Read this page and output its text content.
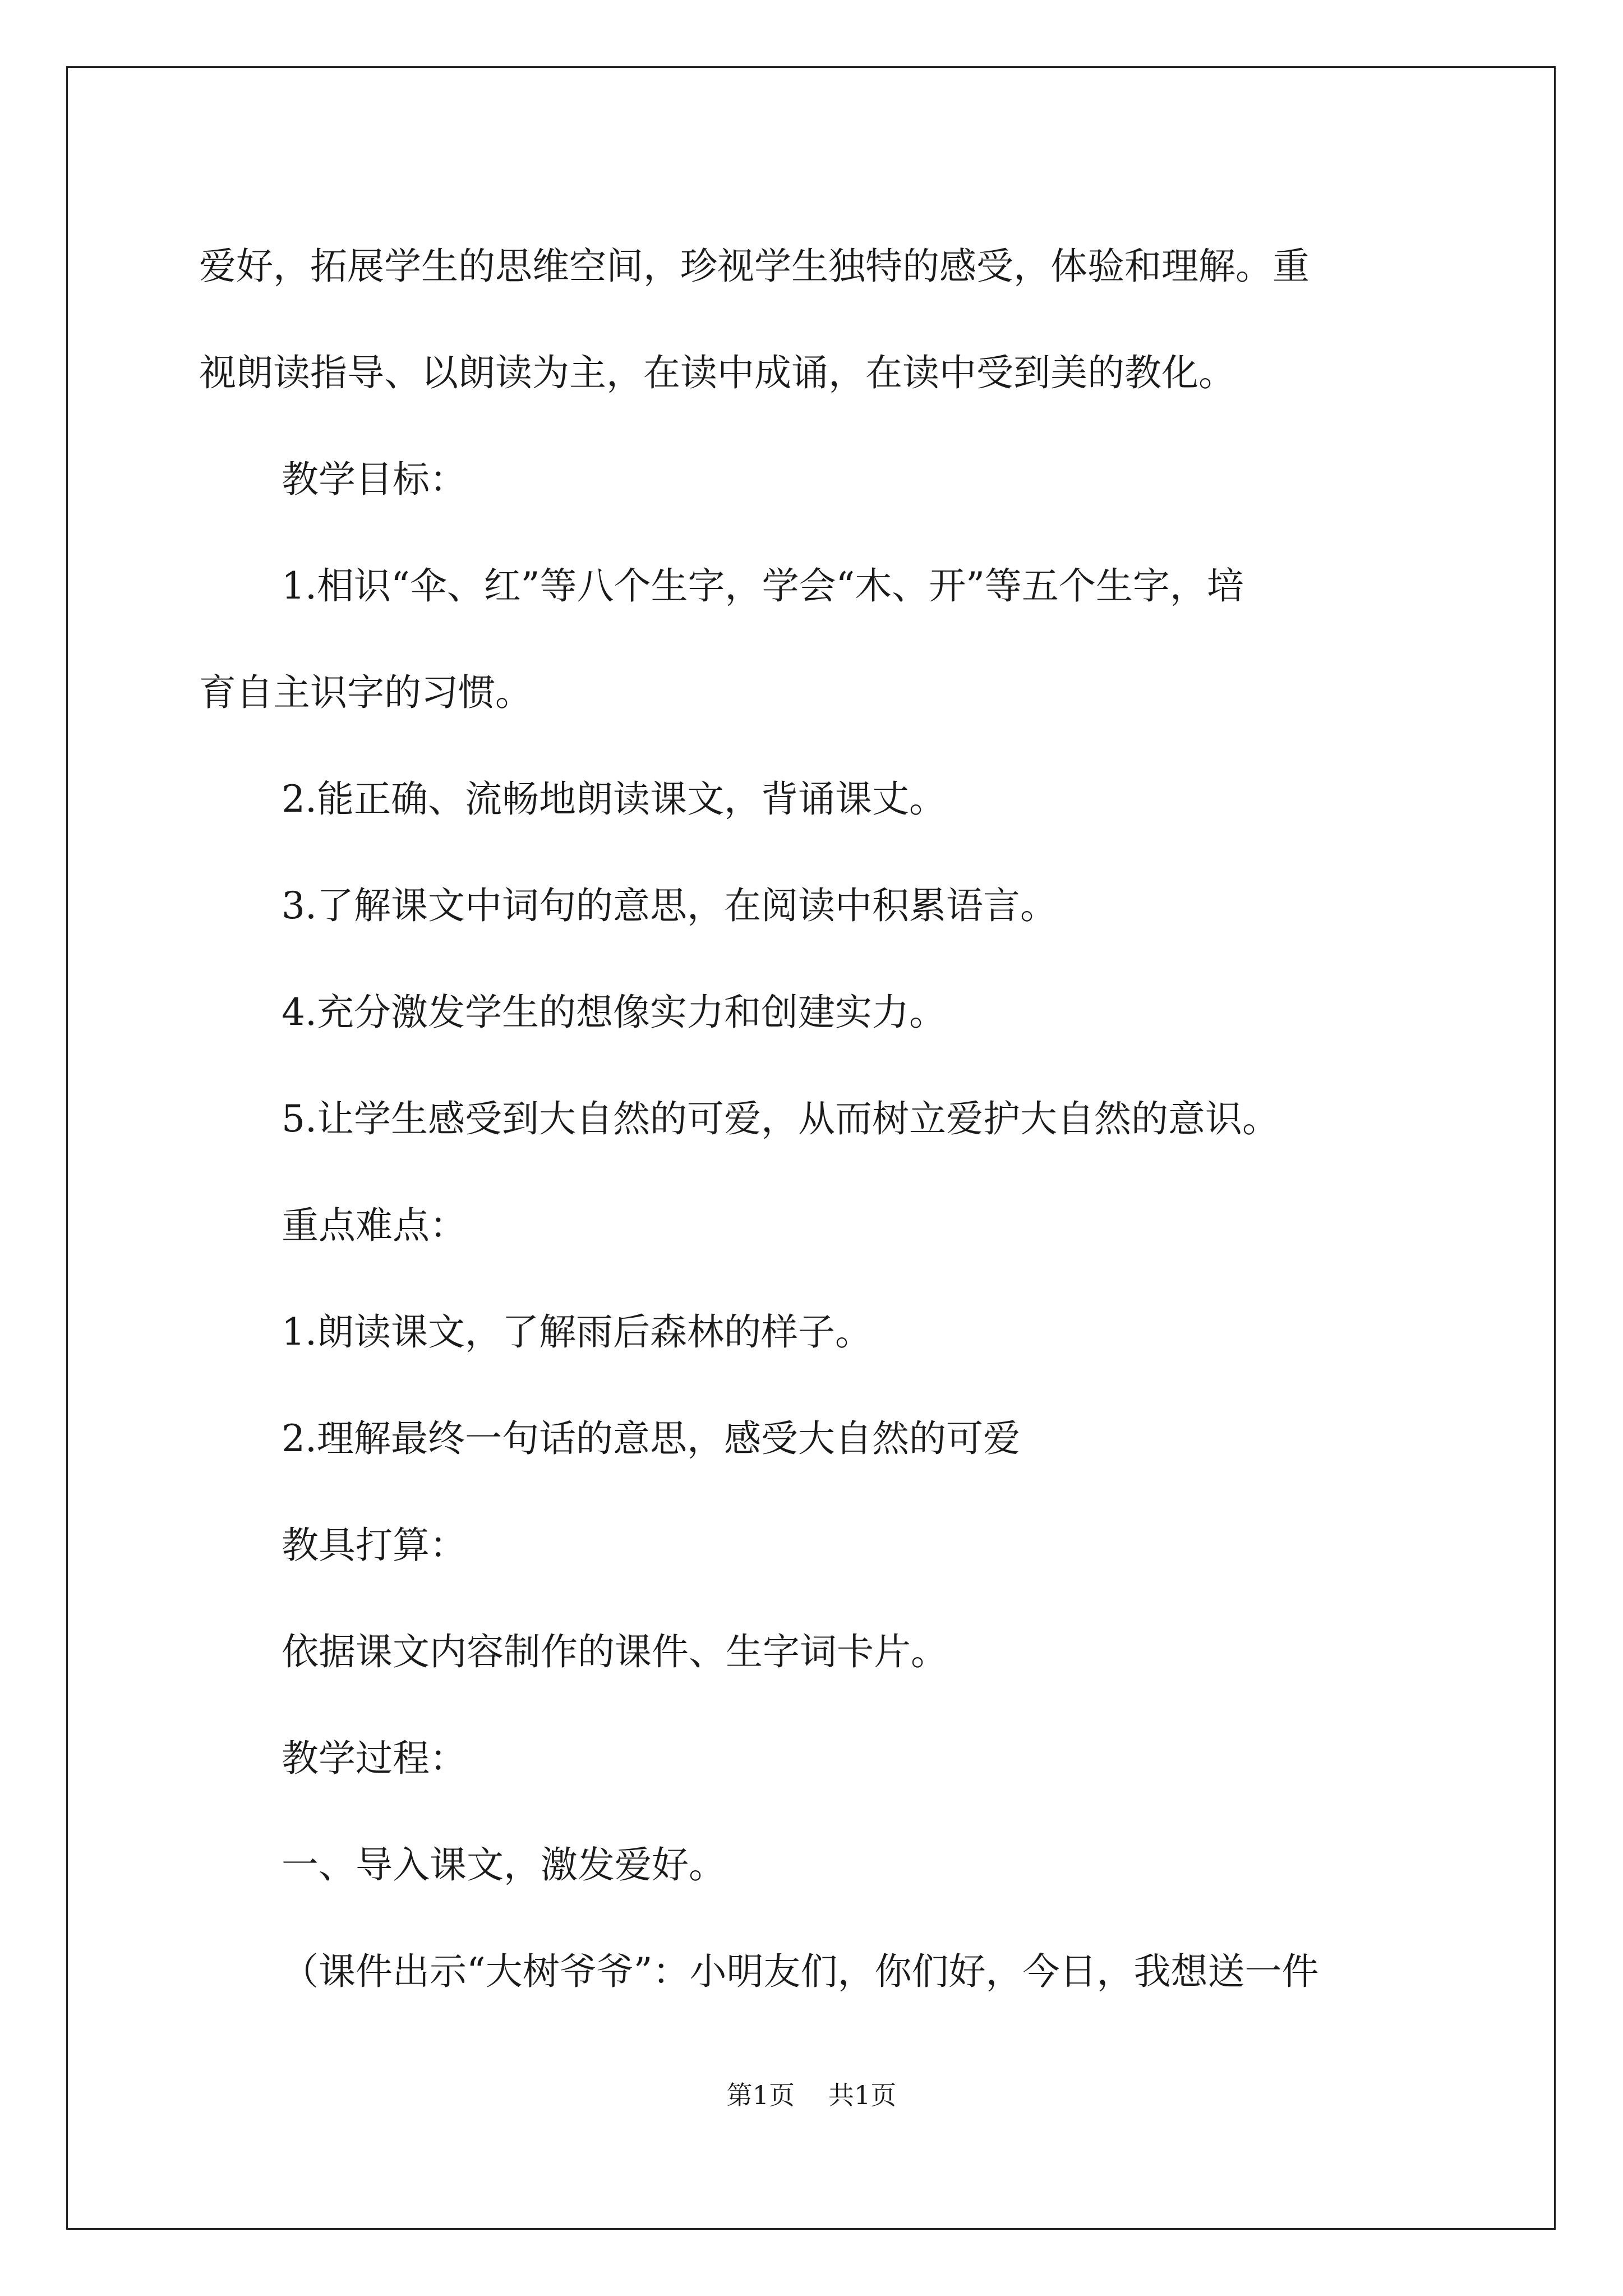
爱好，拓展学生的思维空间，珍视学生独特的感受，体验和理解。重

视朗读指导、以朗读为主，在读中成诵，在读中受到美的教化。

教学目标：

1.相识“伞、红”等八个生字，学会“木、开”等五个生字，培

育自主识字的习惯。

2.能正确、流畅地朗读课文，背诵课丈。

3.了解课文中词句的意思，在阅读中积累语言。

4.充分激发学生的想像实力和创建实力。

5.让学生感受到大自然的可爱，从而树立爱护大自然的意识。

重点难点：

1.朗读课文，了解雨后森林的样子。

2.理解最终一句话的意思，感受大自然的可爱

教具打算：

依据课文内容制作的课件、生字词卡片。

教学过程：

一、导入课文，激发爱好。

（课件出示“大树爷爷”：小明友们，你们好，今日，我想送一件

第1页 共1页
